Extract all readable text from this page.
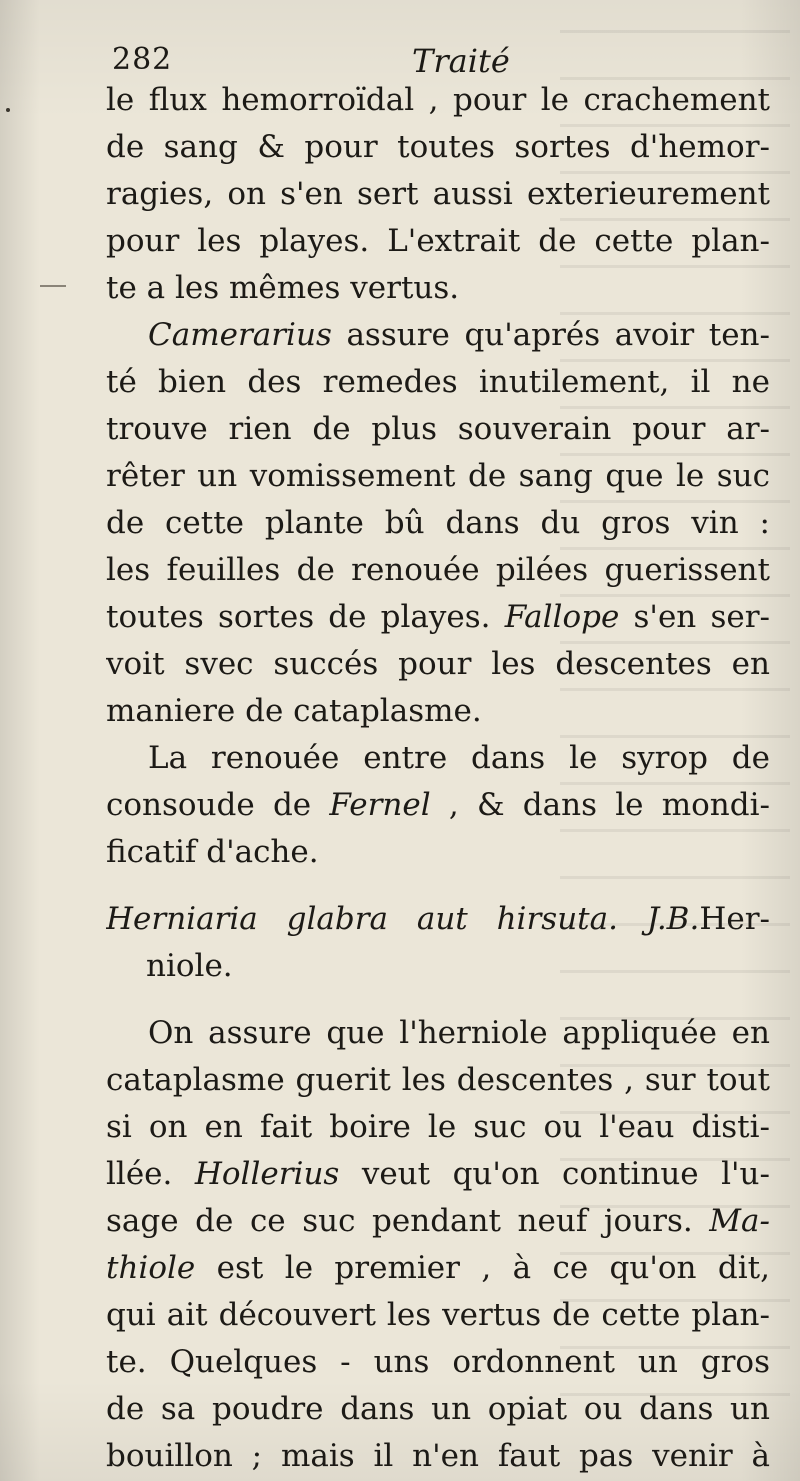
282	Traité
le flux hemorroïdal , pour le crachement
de sang & pour toutes sortes d'hemor-
ragies, on s'en sert aussi exterieurement
pour les playes. L'extrait de cette plan-
te a les mêmes vertus.
Camerarius assure qu'aprés avoir ten-
té bien des remedes inutilement, il ne
trouve rien de plus souverain pour ar-
rêter un vomissement de sang que le suc
de cette plante bû dans du gros vin :
les feuilles de renouée pilées guerissent
toutes sortes de playes. Fallope s'en ser-
voit svec succés pour les descentes en
maniere de cataplasme.
La renouée entre dans le syrop de
consoude de Fernel , & dans le mondi-
ficatif d'ache.
Herniaria glabra aut hirsuta. J.B.Her-
niole.
On assure que l'herniole appliquée en
cataplasme guerit les descentes , sur tout
si on en fait boire le suc ou l'eau disti-
llée. Hollerius veut qu'on continue l'u-
sage de ce suc pendant neuf jours. Ma-
thiole est le premier , à ce qu'on dit,
qui ait découvert les vertus de cette plan-
te. Quelques - uns ordonnent un gros
de sa poudre dans un opiat ou dans un
bouillon ; mais il n'en faut pas venir à
